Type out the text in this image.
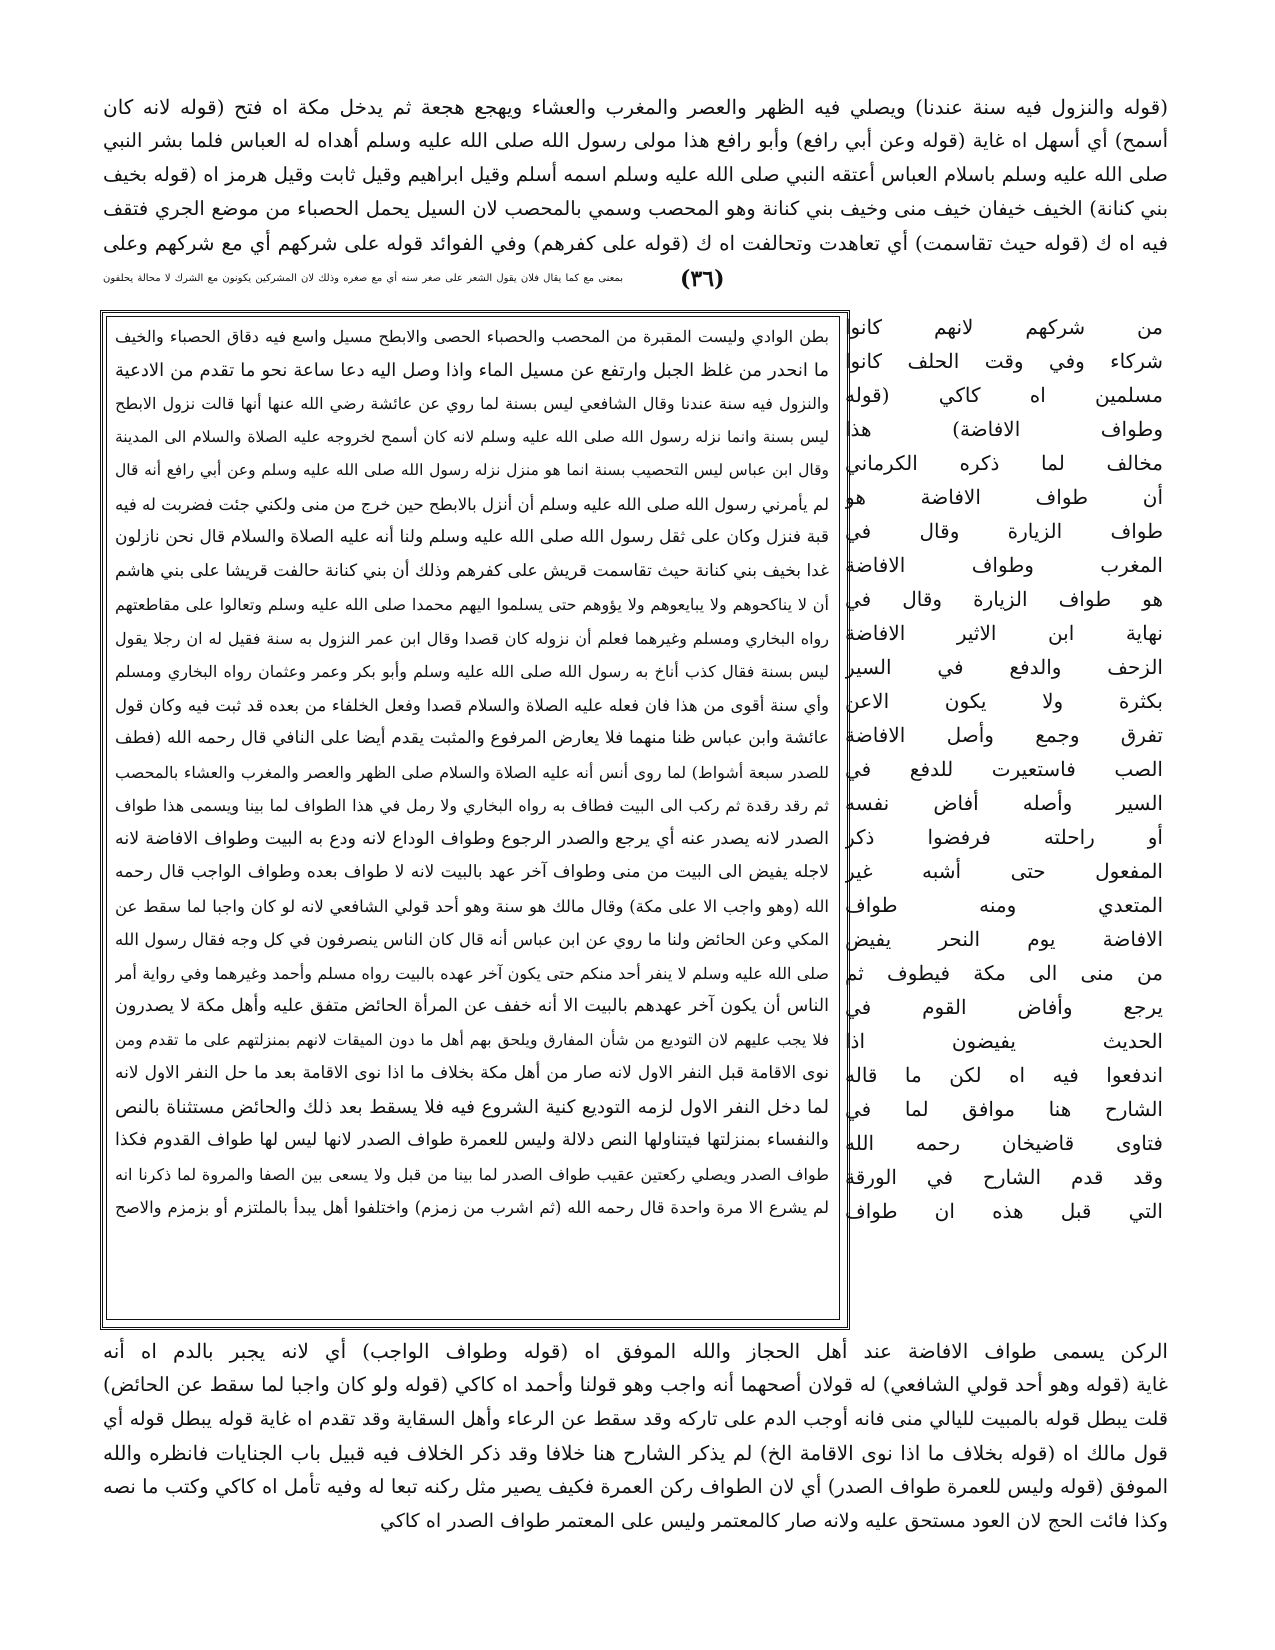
(قوله والنزول فيه سنة عندنا) ويصلي فيه الظهر والعصر والمغرب والعشاء ويهجع هجعة ثم يدخل مكة اه فتح (قوله لانه كان
أسمح) أي أسهل اه غاية (قوله وعن أبي رافع) وأبو رافع هذا مولى رسول الله صلى الله عليه وسلم أهداه له العباس فلما بشر النبي
صلى الله عليه وسلم باسلام العباس أعتقه النبي صلى الله عليه وسلم اسمه أسلم وقيل ابراهيم وقيل ثابت وقيل هرمز اه (قوله بخيف
بني كنانة) الخيف خيفان خيف منى وخيف بني كنانة وهو المحصب وسمي بالمحصب لان السيل يحمل الحصباء من موضع الجري فتقف
فيه اه ك (قوله حيث تقاسمت) أي تعاهدت وتحالفت اه ك (قوله على كفرهم) وفي الفوائد قوله على شركهم أي مع شركهم وعلى
بمعنى مع كما يقال فلان يقول الشعر على صغر سنه أي مع صغره وذلك لان المشركين يكونون مع الشرك لا محالة يحلفون	(٣٦)
من شركهم لانهم كانوا
شركاء وفي وقت الحلف كانوا
مسلمين اه كاكي (قوله
وطواف الافاضة) هذا
مخالف لما ذكره الكرماني
أن طواف الافاضة هو
طواف الزيارة وقال في
المغرب وطواف الافاضة
هو طواف الزيارة وقال في
نهاية ابن الاثير الافاضة
الزحف والدفع في السير
بكثرة ولا يكون الاعن
تفرق وجمع وأصل الافاضة
الصب فاستعيرت للدفع في
السير وأصله أفاض نفسه
أو راحلته فرفضوا ذكر
المفعول حتى أشبه غير
المتعدي ومنه طواف
الافاضة يوم النحر يفيض
من منى الى مكة فيطوف ثم
يرجع وأفاض القوم في
الحديث يفيضون اذا
اندفعوا فيه اه لكن ما قاله
الشارح هنا موافق لما في
فتاوى قاضيخان رحمه الله
وقد قدم الشارح في الورقة
التي قبل هذه ان طواف
بطن الوادي وليست المقبرة من المحصب والحصباء الحصى والابطح مسيل واسع فيه دقاق الحصباء والخيف
ما انحدر من غلظ الجبل وارتفع عن مسيل الماء واذا وصل اليه دعا ساعة نحو ما تقدم من الادعية
والنزول فيه سنة عندنا وقال الشافعي ليس بسنة لما روي عن عائشة رضي الله عنها أنها قالت نزول الابطح
ليس بسنة وانما نزله رسول الله صلى الله عليه وسلم لانه كان أسمح لخروجه عليه الصلاة والسلام الى المدينة
وقال ابن عباس ليس التحصيب بسنة انما هو منزل نزله رسول الله صلى الله عليه وسلم وعن أبي رافع أنه قال
لم يأمرني رسول الله صلى الله عليه وسلم أن أنزل بالابطح حين خرج من منى ولكني جئت فضربت له فيه
قبة فنزل وكان على ثقل رسول الله صلى الله عليه وسلم ولنا أنه عليه الصلاة والسلام قال نحن نازلون
غدا بخيف بني كنانة حيث تقاسمت قريش على كفرهم وذلك أن بني كنانة حالفت قريشا على بني هاشم
أن لا يناكحوهم ولا يبايعوهم ولا يؤوهم حتى يسلموا اليهم محمدا صلى الله عليه وسلم وتعالوا على مقاطعتهم
رواه البخاري ومسلم وغيرهما فعلم أن نزوله كان قصدا وقال ابن عمر النزول به سنة فقيل له ان رجلا يقول
ليس بسنة فقال كذب أناخ به رسول الله صلى الله عليه وسلم وأبو بكر وعمر وعثمان رواه البخاري ومسلم
وأي سنة أقوى من هذا فان فعله عليه الصلاة والسلام قصدا وفعل الخلفاء من بعده قد ثبت فيه وكان قول
عائشة وابن عباس ظنا منهما فلا يعارض المرفوع والمثبت يقدم أيضا على النافي قال رحمه الله (فطف
للصدر سبعة أشواط) لما روى أنس أنه عليه الصلاة والسلام صلى الظهر والعصر والمغرب والعشاء بالمحصب
ثم رقد رقدة ثم ركب الى البيت فطاف به رواه البخاري ولا رمل في هذا الطواف لما بينا ويسمى هذا طواف
الصدر لانه يصدر عنه أي يرجع والصدر الرجوع وطواف الوداع لانه ودع به البيت وطواف الافاضة لانه
لاجله يفيض الى البيت من منى وطواف آخر عهد بالبيت لانه لا طواف بعده وطواف الواجب قال رحمه
الله (وهو واجب الا على مكة) وقال مالك هو سنة وهو أحد قولي الشافعي لانه لو كان واجبا لما سقط عن
المكي وعن الحائض ولنا ما روي عن ابن عباس أنه قال كان الناس ينصرفون في كل وجه فقال رسول الله
صلى الله عليه وسلم لا ينفر أحد منكم حتى يكون آخر عهده بالبيت رواه مسلم وأحمد وغيرهما وفي رواية أمر
الناس أن يكون آخر عهدهم بالبيت الا أنه خفف عن المرأة الحائض متفق عليه وأهل مكة لا يصدرون
فلا يجب عليهم لان التوديع من شأن المفارق ويلحق بهم أهل ما دون الميقات لانهم بمنزلتهم على ما تقدم ومن
نوى الاقامة قبل النفر الاول لانه صار من أهل مكة بخلاف ما اذا نوى الاقامة بعد ما حل النفر الاول لانه
لما دخل النفر الاول لزمه التوديع كنية الشروع فيه فلا يسقط بعد ذلك والحائض مستثناة بالنص
والنفساء بمنزلتها فيتناولها النص دلالة وليس للعمرة طواف الصدر لانها ليس لها طواف القدوم فكذا
طواف الصدر ويصلي ركعتين عقيب طواف الصدر لما بينا من قبل ولا يسعى بين الصفا والمروة لما ذكرنا انه
لم يشرع الا مرة واحدة قال رحمه الله (ثم اشرب من زمزم) واختلفوا أهل يبدأ بالملتزم أو بزمزم والاصح
الركن يسمى طواف الافاضة عند أهل الحجاز والله الموفق اه (قوله وطواف الواجب) أي لانه يجبر بالدم اه أنه
غاية (قوله وهو أحد قولي الشافعي) له قولان أصحهما أنه واجب وهو قولنا وأحمد اه كاكي (قوله ولو كان واجبا لما سقط عن الحائض)
قلت يبطل قوله بالمبيت لليالي منى فانه أوجب الدم على تاركه وقد سقط عن الرعاء وأهل السقاية وقد تقدم اه غاية قوله يبطل قوله أي
قول مالك اه (قوله بخلاف ما اذا نوى الاقامة الخ) لم يذكر الشارح هنا خلافا وقد ذكر الخلاف فيه قبيل باب الجنايات فانظره والله
الموفق (قوله وليس للعمرة طواف الصدر) أي لان الطواف ركن العمرة فكيف يصير مثل ركنه تبعا له وفيه تأمل اه كاكي وكتب ما نصه
وكذا فائت الحج لان العود مستحق عليه ولانه صار كالمعتمر وليس على المعتمر طواف الصدر اه كاكي
